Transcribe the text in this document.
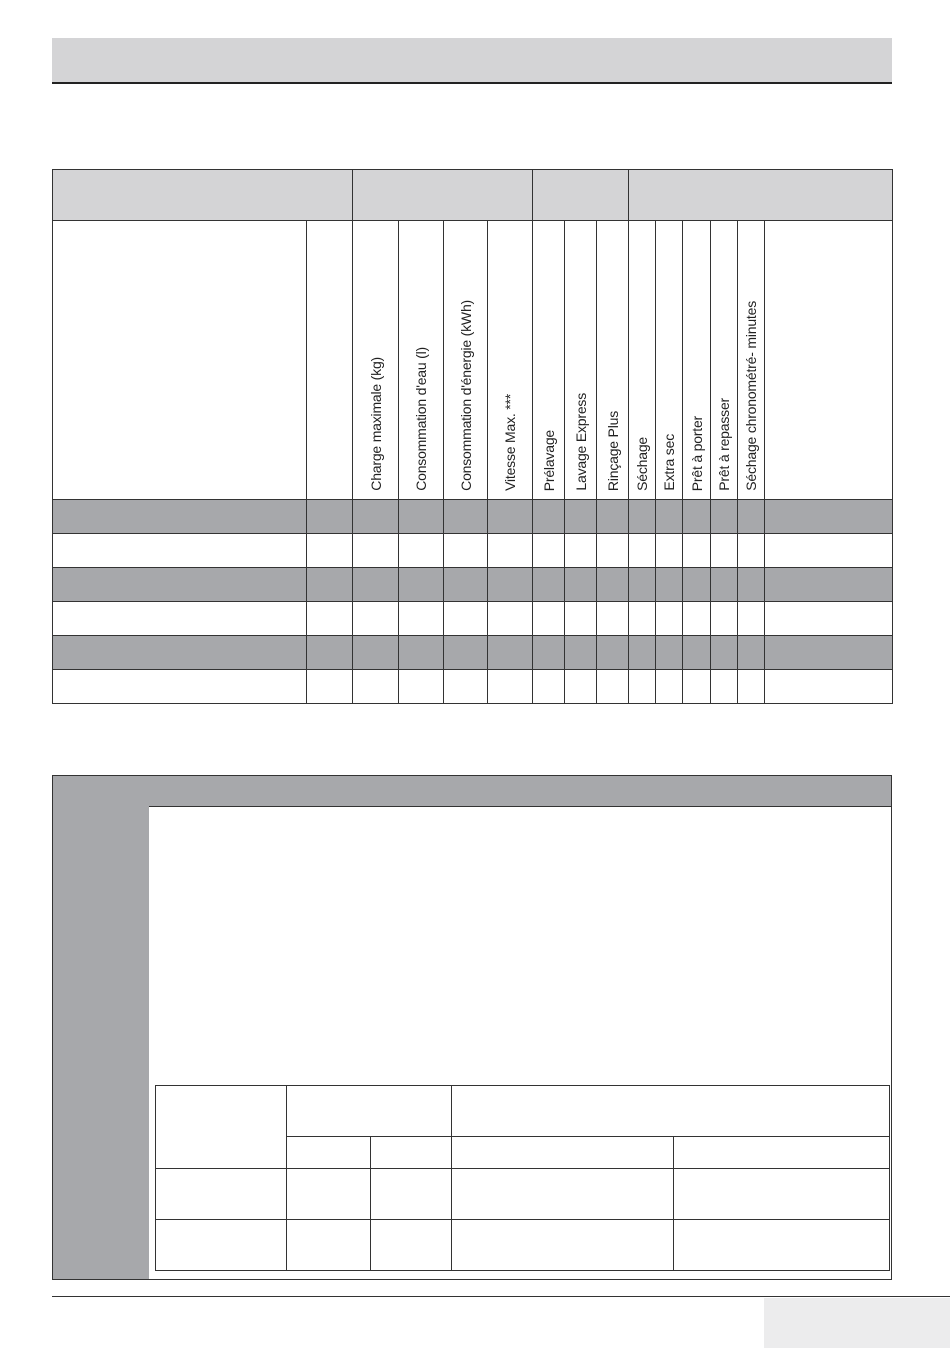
		Charge maximale (kg)	Consommation d'eau (l)	Consommation d'énergie (kWh)	Vitesse Max. ***	Prélavage	Lavage Express	Rinçage Plus	Séchage	Extra sec	Prêt à porter	Prêt à repasser	Séchage chronométré- minutes	
